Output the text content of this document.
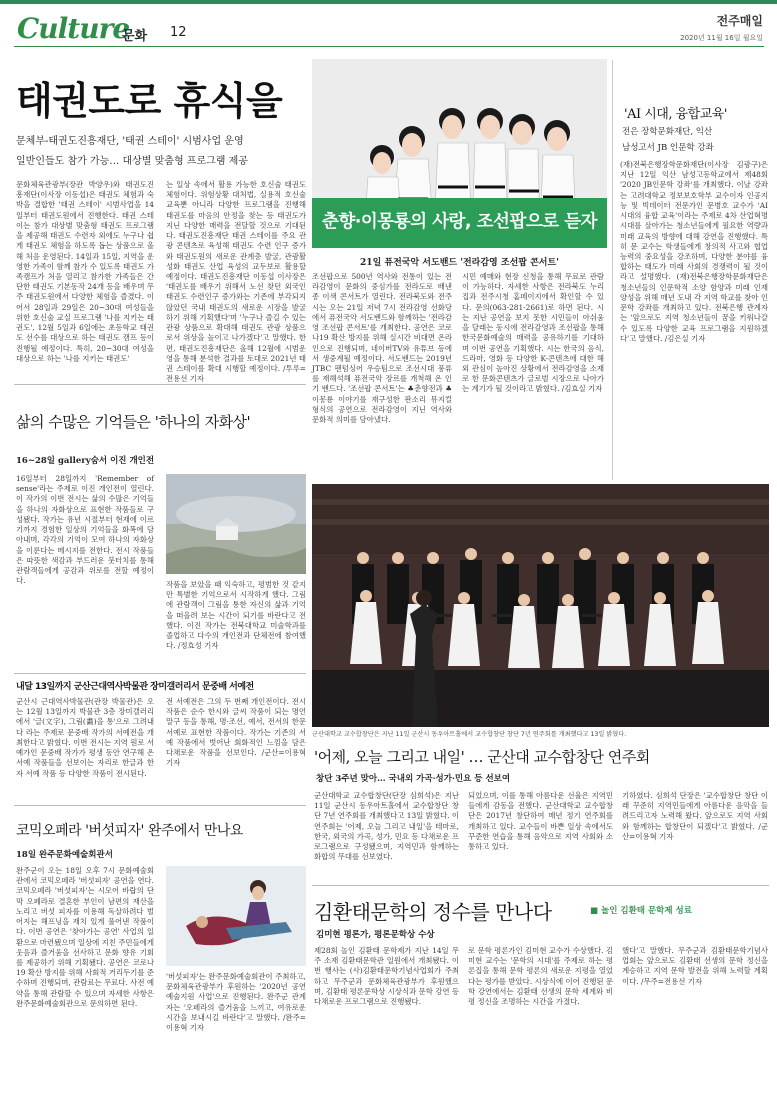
Culture
문화 12
전주매일
2020년 11월 16일 월요일
태권도로 휴식을
문체부-태권도진흥재단, '태권 스테이' 시범사업 운영
일반인들도 참가 가능… 대상별 맞춤형 프로그램 제공
문화체육관광부(장관 박양우)와 태권도진흥재단(이사장 이동섭)은 태권도 체험과 숙박을 결합한 '태권 스테이' 시범사업을 14일부터 태권도원에서 진행한다. 태권 스테이는 참가 대상별 맞춤형 태권도 프로그램을 제공해 태권도 수련자 외에도 누구나 쉽게 태권도 체험을 하도록 돕는 상품으로 올해 처음 운영된다. 14일과 15일, 지역을 운영한 가족이 함께 참가 수 있도록 태권도 가족캠프가 처음 열리고 참가한 가족들은 간단한 태권도 기본동작 24개 등을 배우며 무주 태권도원에서 다양한 체험을 즐겼다. 이어서 28일과 29일은 20~30대 여성들을 위한 호신술 교실 프로그램 '나를 지키는 태권도', 12월 5일과 6일에는 초등학교 태권도 선수를 대상으로 하는 태권도 캠프 등이 진행될 예정이다. 특히, 20~30대 여성을 대상으로 하는 '나를 지키는 태권도'
는 일상 속에서 활용 가능한 호신술 태권도 체험이다. 위험상황 대처법, 실용적 호신술 교육뿐 아니라 다양한 프로그램을 진행해 태권도를 마음의 안정을 찾는 등 태권도가 지닌 다양한 매력을 전달할 것으로 기대된다. 태권도진흥재단 태권 스테이를 주요 관광 콘텐츠로 육성해 태권도 수련 인구 증가와 태권도원의 새로운 관계층 발굴, 관광활성화 태권도 산업 육성의 교두보로 활용할 예정이다. 태권도진흥재단 이동섭 이사장은 '태권도를 배우기 위해서 노선 찾던 외국인 태권도 수련인구 증가와는 기존에 부각되지 않았던 국내 태권도의 새로운 시장을 발굴하기 위해 기획했다'며 '누구나 즐길 수 있는 관광 상품으로 확대해 태권도 관광 상품으로서 위상을 높이고 나가겠다'고 말했다. 한편, 태권도진흥재단은 올해 12월에 시범운영을 통해 분석한 결과를 토대로 2021년 태권 스테이를 확대 시행할 예정이다. /투루=전용선 기자
춘향·이몽룡의 사랑, 조선팝으로 듣자
21일 퓨전국악 서도밴드 '전라감영 조선팝 콘서트'
조선팝으로 500년 역사와 전통이 있는 전라감영이 문화의 중심가를 전라도로 배낸 종 이색 콘서트가 열린다. 전라북도와 전주시는 오는 21일 저녁 7시 전라감영 선화당에서 퓨전국악 서도밴드와 함께하는 '전라감영 조선팝 콘서트'를 개최한다. 공연은 코로나19 확산 방지를 위해 실시간 비대면 온라인으로 진행되며, 네이버TV와 유튜브 등에서 생중계될 예정이다. 서도밴드는 2019년 JTBC 팬텀싱어 우승팀으로 조선시대 풍류를 재해석해 퓨전국악 장르를 개척해 온 인기 밴드다. '조선팝 콘서트'는 ♣춘향전과 ♣이몽룡 이야기를 재구성한 판소리 뮤지컬 형식의 공연으로 전라감영이 지닌 역사와 문화적 의미를 담아냈다.
시민 예매와 현장 신청을 통해 무료로 관람이 가능하다. 자세한 사항은 전라북도 누리집과 전주시청 홈페이지에서 확인할 수 있다. 문의(063-281-2661)로 하면 된다. 시는 지난 공연을 보지 못한 시민들이 아쉬움을 달래는 동시에 전라감영과 조선팝을 통해 한국문화예술의 매력을 공유하기를 기대하며 이번 공연을 기획했다. 시는 한국의 음식, 드라마, 영화 등 다양한 K-콘텐츠에 대한 해외 관심이 높아진 상황에서 전라감영을 소재로 한 문화콘텐츠가 글로벌 시장으로 나아가는 계기가 될 것이라고 밝혔다. /김효실 기자
'AI 시대, 융합교육'
전은 장학문화재단, 익산
남성고서 JB 인문학 강좌
(재)전북은행장학문화재단(이사장 김광구)은 지난 12일 익산 남성고등학교에서 제48회 '2020 JB인문학 강좌'를 개최했다. 이날 강좌는 고려대학교 정보보호학부 교수이자 인공지능 및 빅데이터 전문가인 문병호 교수가 'AI 시대의 융합 교육'이라는 주제로 4차 산업혁명 시대를 살아가는 청소년들에게 필요한 역량과 미래 교육의 방향에 대해 강연을 진행했다. 특히 문 교수는 학생들에게 창의적 사고와 협업 능력의 중요성을 강조하며, 다양한 분야를 융합하는 태도가 미래 사회의 경쟁력이 될 것이라고 설명했다. (재)전북은행장학문화재단은 청소년들의 인문학적 소양 함양과 미래 인재 양성을 위해 매년 도내 각 지역 학교를 찾아 인문학 강좌를 개최하고 있다. 전북은행 관계자는 '앞으로도 지역 청소년들이 꿈을 키워나갈 수 있도록 다양한 교육 프로그램을 지원하겠다'고 말했다. /김은실 기자
삶의 수많은 기억들은 '하나의 자화상'
16~28일 gallery숨서 이진 개인전
16일부터 28일까지 'Remember of sense'라는 주제로 이진 개인전이 열린다. 이 작가의 이번 전시는 삶의 수많은 기억들을 하나의 자화상으로 표현한 작품들로 구성됐다. 작가는 유년 시절부터 현재에 이르기까지 경험한 일상의 기억들을 화폭에 담아내며, 각각의 기억이 모여 하나의 자화상을 이룬다는 메시지를 전한다. 전시 작품들은 따뜻한 색감과 부드러운 붓터치를 통해 관람객들에게 공감과 위로를 전할 예정이다.	작품을 보았을 때 익숙하고, 평범한 것 같지만 특별한 기억으로서 시작하게 했다. 그림에 관람객이 그림을 통한 자신의 삶과 기억을 떠올려 보는 시간이 되기를 바란다고 전했다. 이진 작가는 전북대학교 미술학과를 졸업하고 다수의 개인전과 단체전에 참여했다. /정효성 기자
내달 13일까지 군산근대역사박물관 장미갤러리서 문중배 서예전
군산시 근대역사박물관(관장 박물관)은 오는 12월 13일까지 박물관 3층 장미갤러리에서 '글(文字), 그림(畵)을 통'으로 그려내다 라는 주제로 문중배 작가의 서예전을 개최한다고 밝혔다. 이번 전시는 지역 원로 서예가인 문중배 작가가 평생 동안 연구해 온 서예 작품들을 선보이는 자리로 한글과 한자 서예 작품 등 다양한 작품이 전시된다.
전 서예전은 그의 두 번째 개인전이다. 전시 작품은 순수 한시와 글씨 작품이 되는 명언 말구 등을 통해, 명·조선, 예서, 전서의 한문 서예로 표현한 작품이다. 작가는 기존의 서예 작품에서 벗어난 회화적인 느낌을 담은 다채로운 작품을 선보인다. /군산=이용혁 기자
코믹오페라 '버섯피자' 완주에서 만나요
18일 완주문화예술회관서
완주군이 오는 18일 오후 7시 문화예술회관에서 코믹오페라 '버섯피자' 공연을 연다. 코믹오페라 '버섯피자'는 시모어 바랍의 단막 오페라로 결혼한 부인이 남편의 재산을 노리고 버섯 피자를 이용해 독살하려다 벌어지는 해프닝을 재치 있게 풀어낸 작품이다. 이번 공연은 '찾아가는 공연' 사업의 일환으로 마련됐으며 일상에 지친 주민들에게 웃음과 즐거움을 선사하고 문화 향유 기회를 제공하기 위해 기획됐다. 공연은 코로나19 확산 방지를 위해 사회적 거리두기를 준수하며 진행되며, 관람료는 무료다. 사전 예약을 통해 관람할 수 있으며 자세한 사항은 완주문화예술회관으로 문의하면 된다.
'버섯피자'는 완주문화예술회관이 주최하고, 문화체육관광부가 후원하는 '2020년 공연예술지원 사업'으로 진행된다. 완주군 관계자는 '오페라의 즐거움을 느끼고, 여유로운 시간을 보내시길 바란다'고 말했다. /완주=이용혁 기자
군산대학교 교수합창단은 지난 11일 군산시 동우아트홀에서 교수합창단 창단 7년 연주회를 개최했다고 13일 밝혔다.
'어제, 오늘 그리고 내일' … 군산대 교수합창단 연주회
창단 3주년 맞아… 국내외 가곡·성가·민요 등 선보여
군산대학교 교수합창단(단장 심희석)은 지난 11일 군산시 동우아트홀에서 교수합창단 창단 7년 연주회를 개최했다고 13일 밝혔다. 이 연주회는 '어제, 오늘 그리고 내일'을 테마로, 한국, 외국의 가곡, 성가, 민요 등 다채로운 프로그램으로 구성됐으며, 지역민과 함께하는 화합의 무대를 선보였다.
되었으며, 이를 통해 아름다운 선율은 지역민들에게 감동을 전했다. 군산대학교 교수합창단은 2017년 창단하여 매년 정기 연주회를 개최하고 있다. 교수들이 바쁜 일상 속에서도 꾸준한 연습을 통해 음악으로 지역 사회와 소통하고 있다.
기하였다. 심희석 단장은 '교수합창단 창단 이래 꾸준히 지역민들에게 아름다운 음악을 들려드리고자 노력해 왔다. 앞으로도 지역 사회와 함께하는 합창단이 되겠다'고 밝혔다. /군산=이용혁 기자
김환태문학의 정수를 만나다	■ 놀인 김환태 문학제 성료
김미현 평론가, 평론문학상 수상
제28회 놀인 김환태 문학제가 지난 14일 무주 소재 김환태문학관 일원에서 개최됐다. 이번 행사는 (사)김환태문학기념사업회가 주최하고 무주군과 문화체육관광부가 후원했으며, 김환태 평론문학상 시상식과 문학 강연 등 다채로운 프로그램으로 진행됐다.
로 문학 평론가인 김미현 교수가 수상했다. 김미현 교수는 '문학의 시대'를 주제로 하는 평론집을 통해 문학 평론의 새로운 지평을 열었다는 평가를 받았다. 시상식에 이어 진행된 문학 강연에서는 김환태 선생의 문학 세계와 비평 정신을 조명하는 시간을 가졌다.
했다'고 말했다. 무주군과 김환태문학기념사업회는 앞으로도 김환태 선생의 문학 정신을 계승하고 지역 문학 발전을 위해 노력할 계획이다. /무주=전용선 기자
